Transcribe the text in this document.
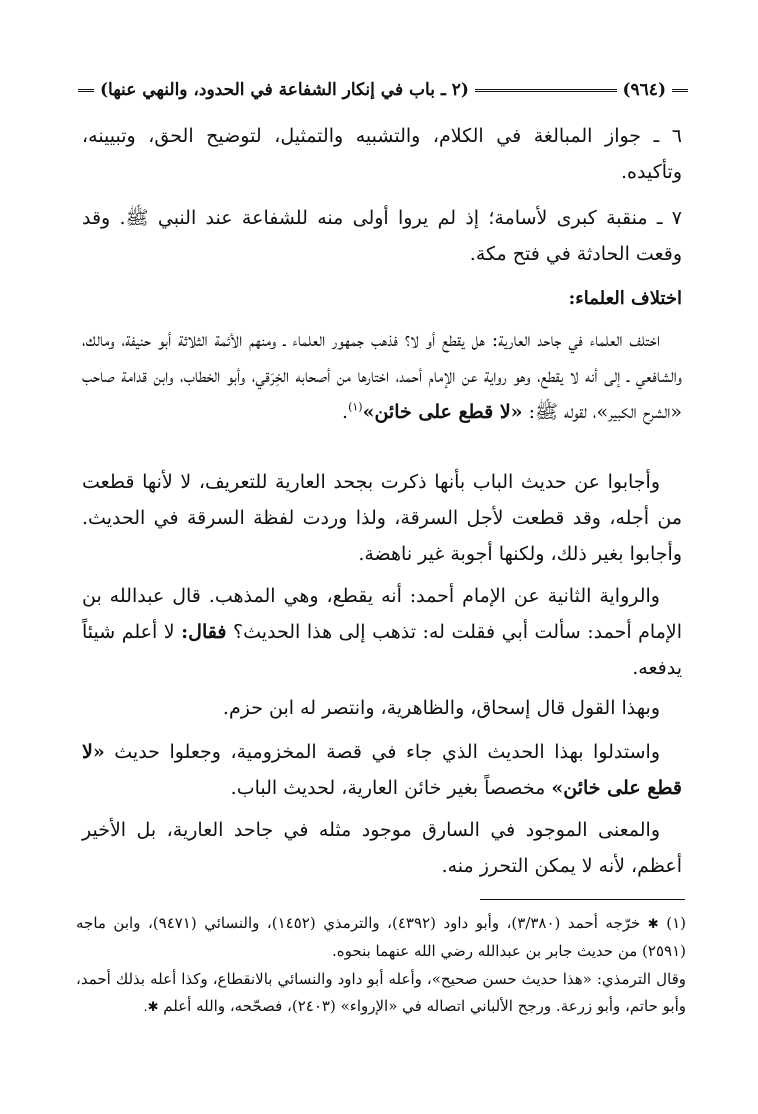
(٩٦٤)
(٢ ـ باب في إنكار الشفاعة في الحدود، والنهي عنها)

٦ ـ جواز المبالغة في الكلام، والتشبيه والتمثيل، لتوضيح الحق، وتبيينه، وتأكيده.

٧ ـ منقبة كبرى لأسامة؛ إذ لم يروا أولى منه للشفاعة عند النبي ﷺ. وقد وقعت الحادثة في فتح مكة.

اختلاف العلماء:

اختلف العلماء في جاحد العارية: هل يقطع أو لا؟ فذهب جمهور العلماء ـ ومنهم الأئمة الثلاثة أبو حنيفة، ومالك، والشافعي ـ إلى أنه لا يقطع، وهو رواية عن الإمام أحمد، اختارها من أصحابه الخِرَقي، وأبو الخطاب، وابن قدامة صاحب «الشرح الكبير»، لقوله ﷺ: «لا قطع على خائن»$^{(١)}$.

وأجابوا عن حديث الباب بأنها ذكرت بجحد العارية للتعريف، لا لأنها قطعت من أجله، وقد قطعت لأجل السرقة، ولذا وردت لفظة السرقة في الحديث. وأجابوا بغير ذلك، ولكنها أجوبة غير ناهضة.

والرواية الثانية عن الإمام أحمد: أنه يقطع، وهي المذهب. قال عبدالله بن الإمام أحمد: سألت أبي فقلت له: تذهب إلى هذا الحديث؟ فقال: لا أعلم شيئاً يدفعه.

وبهذا القول قال إسحاق، والظاهرية، وانتصر له ابن حزم.

واستدلوا بهذا الحديث الذي جاء في قصة المخزومية، وجعلوا حديث «لا قطع على خائن» مخصصاً بغير خائن العارية، لحديث الباب.

والمعنى الموجود في السارق موجود مثله في جاحد العارية، بل الأخير أعظم، لأنه لا يمكن التحرز منه.

(١) ✱ خرّجه أحمد (٣/٣٨٠)، وأبو داود (٤٣٩٢)، والترمذي (١٤٥٢)، والنسائي (٩٤٧١)، وابن ماجه (٢٥٩١) من حديث جابر بن عبدالله رضي الله عنهما بنحوه.

وقال الترمذي: «هذا حديث حسن صحيح»، وأعله أبو داود والنسائي بالانقطاع، وكذا أعله بذلك أحمد، وأبو حاتم، وأبو زرعة. ورجح الألباني اتصاله في «الإرواء» (٢٤٠٣)، فصحّحه، والله أعلم ✱.
